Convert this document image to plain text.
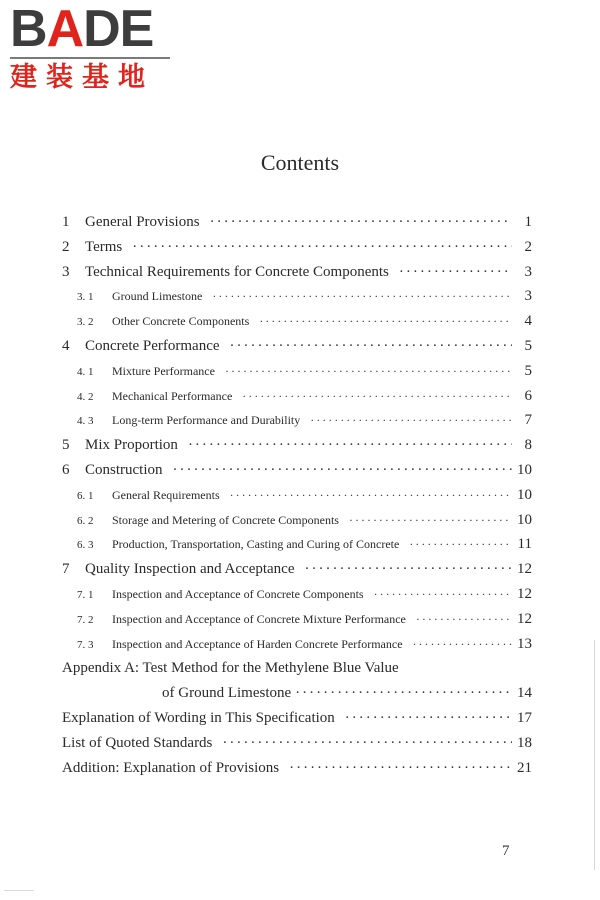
BADE
建装基地
Contents
1	General Provisions ·····	1
2	Terms ·····	2
3	Technical Requirements for Concrete Components ·····	3
3. 1	Ground Limestone ·····	3
3. 2	Other Concrete Components ·····	4
4	Concrete Performance ·····	5
4. 1	Mixture Performance ·····	5
4. 2	Mechanical Performance ·····	6
4. 3	Long-term Performance and Durability ·····	7
5	Mix Proportion ·····	8
6	Construction ·····	10
6. 1	General Requirements ·····	10
6. 2	Storage and Metering of Concrete Components ·····	10
6. 3	Production, Transportation, Casting and Curing of Concrete ·····	11
7	Quality Inspection and Acceptance ·····	12
7. 1	Inspection and Acceptance of Concrete Components ·····	12
7. 2	Inspection and Acceptance of Concrete Mixture Performance ·····	12
7. 3	Inspection and Acceptance of Harden Concrete Performance ·····	13
Appendix A: Test Method for the Methylene Blue Value
of Ground Limestone ·····	14
Explanation of Wording in This Specification ·····	17
List of Quoted Standards ·····	18
Addition: Explanation of Provisions ·····	21
7
